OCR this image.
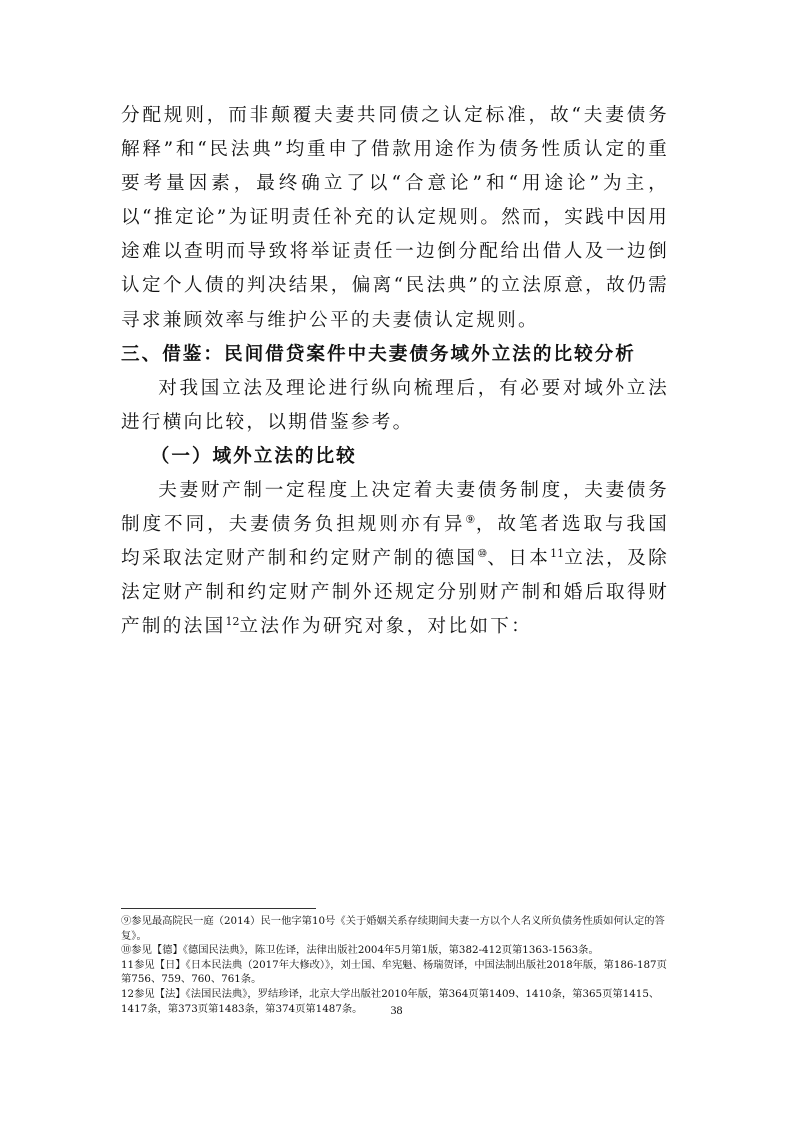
分配规则，而非颠覆夫妻共同债之认定标准，故“夫妻债务解释”和“民法典”均重申了借款用途作为债务性质认定的重要考量因素，最终确立了以“合意论”和“用途论”为主，以“推定论”为证明责任补充的认定规则。然而，实践中因用途难以查明而导致将举证责任一边倒分配给出借人及一边倒认定个人债的判决结果，偏离“民法典”的立法原意，故仍需寻求兼顾效率与维护公平的夫妻债认定规则。

三、借鉴：民间借贷案件中夫妻债务域外立法的比较分析

对我国立法及理论进行纵向梳理后，有必要对域外立法进行横向比较，以期借鉴参考。

（一）域外立法的比较

夫妻财产制一定程度上决定着夫妻债务制度，夫妻债务制度不同，夫妻债务负担规则亦有异⑨，故笔者选取与我国均采取法定财产制和约定财产制的德国⑩、日本$^{11}$立法，及除法定财产制和约定财产制外还规定分别财产制和婚后取得财产制的法国$^{12}$立法作为研究对象，对比如下：

⑨参见最高院民一庭（2014）民一他字第10号《关于婚姻关系存续期间夫妻一方以个人名义所负债务性质如何认定的答复》。

⑩参见【德】《德国民法典》，陈卫佐译，法律出版社2004年5月第1版，第382-412页第1363-1563条。

11参见【日】《日本民法典（2017年大修改）》，刘士国、牟宪魁、杨瑞贺译，中国法制出版社2018年版，第186-187页第756、759、760、761条。

12参见【法】《法国民法典》，罗结珍译，北京大学出版社2010年版，第364页第1409、1410条，第365页第1415、1417条，第373页第1483条，第374页第1487条。	38
